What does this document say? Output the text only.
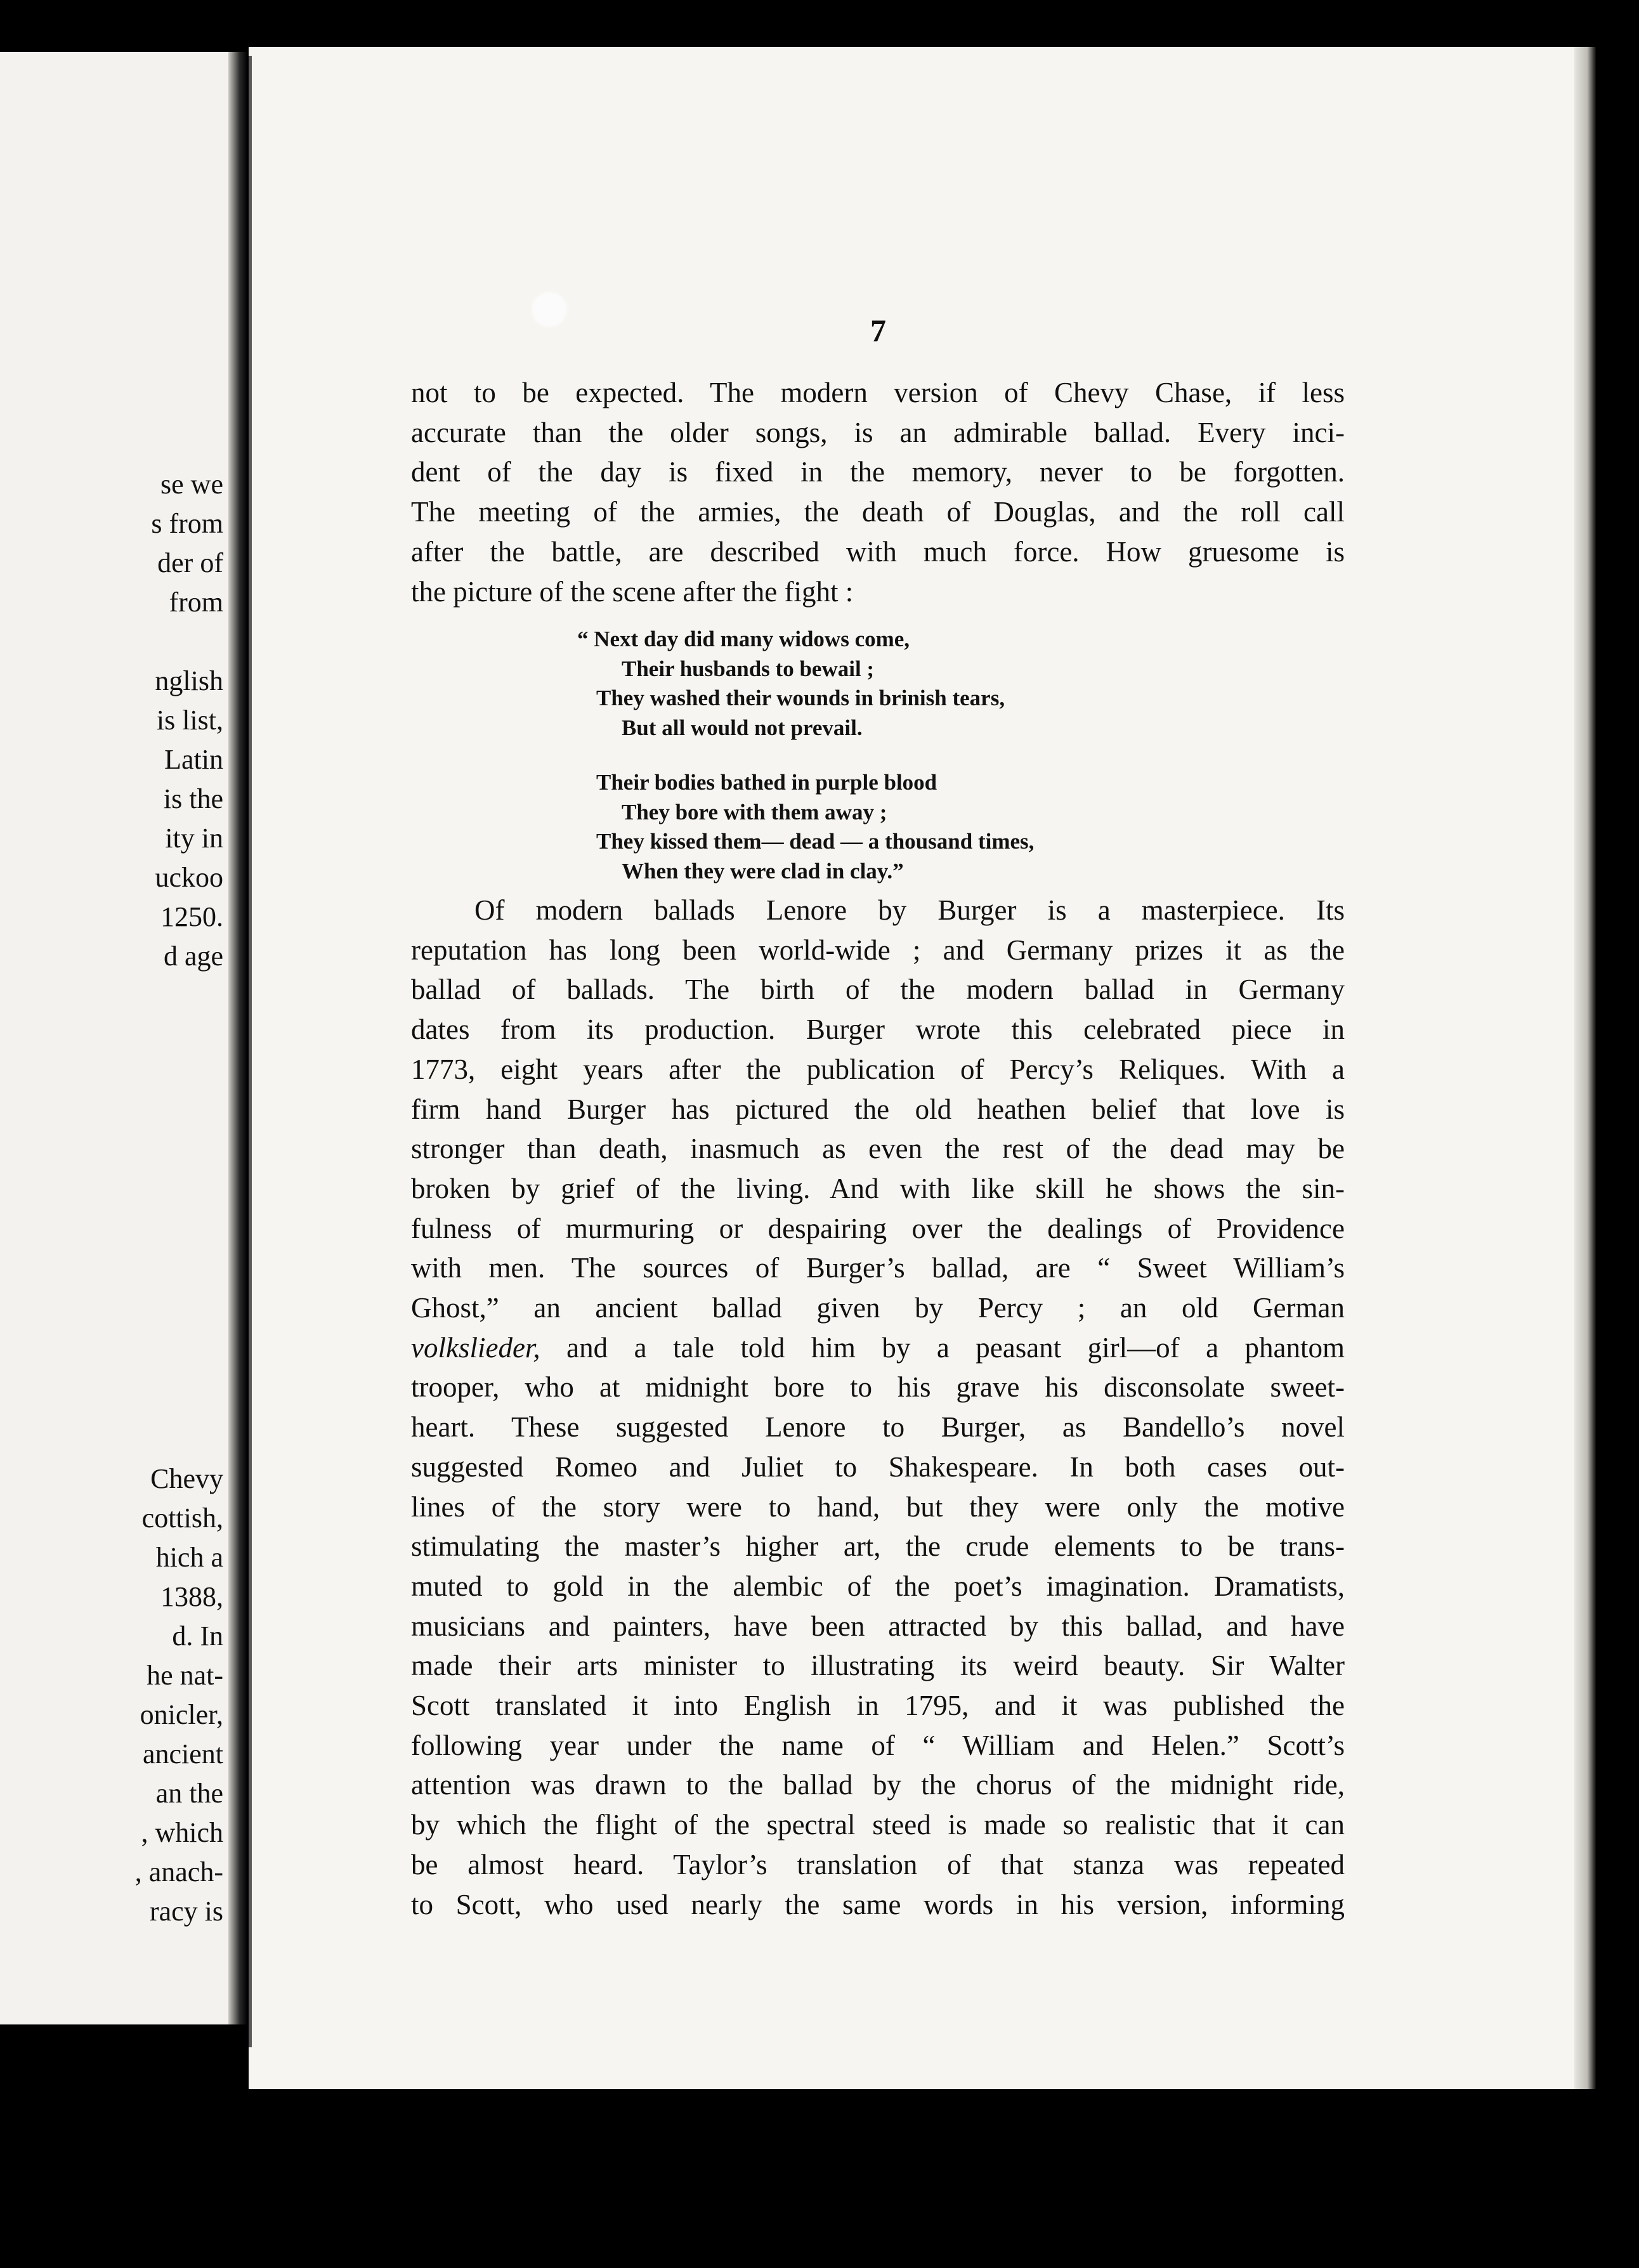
se we
s from
der of
from
nglish
is list,
Latin
is the
ity in
uckoo
1250.
d age
Chevy
cottish,
hich a
1388,
d. In
he nat-
onicler,
ancient
an the
, which
, anach-
racy is
7
not to be expected. The modern version of Chevy Chase, if less
accurate than the older songs, is an admirable ballad. Every inci-
dent of the day is fixed in the memory, never to be forgotten.
The meeting of the armies, the death of Douglas, and the roll call
after the battle, are described with much force. How gruesome is
the picture of the scene after the fight :
“ Next day did many widows come,
Their husbands to bewail ;
They washed their wounds in brinish tears,
But all would not prevail.
Their bodies bathed in purple blood
They bore with them away ;
They kissed them— dead — a thousand times,
When they were clad in clay.”
Of modern ballads Lenore by Burger is a masterpiece. Its
reputation has long been world-wide ; and Germany prizes it as the
ballad of ballads. The birth of the modern ballad in Germany
dates from its production. Burger wrote this celebrated piece in
1773, eight years after the publication of Percy’s Reliques. With a
firm hand Burger has pictured the old heathen belief that love is
stronger than death, inasmuch as even the rest of the dead may be
broken by grief of the living. And with like skill he shows the sin-
fulness of murmuring or despairing over the dealings of Providence
with men. The sources of Burger’s ballad, are “ Sweet William’s
Ghost,” an ancient ballad given by Percy ; an old German
volkslieder, and a tale told him by a peasant girl—of a phantom
trooper, who at midnight bore to his grave his disconsolate sweet-
heart. These suggested Lenore to Burger, as Bandello’s novel
suggested Romeo and Juliet to Shakespeare. In both cases out-
lines of the story were to hand, but they were only the motive
stimulating the master’s higher art, the crude elements to be trans-
muted to gold in the alembic of the poet’s imagination. Dramatists,
musicians and painters, have been attracted by this ballad, and have
made their arts minister to illustrating its weird beauty. Sir Walter
Scott translated it into English in 1795, and it was published the
following year under the name of “ William and Helen.” Scott’s
attention was drawn to the ballad by the chorus of the midnight ride,
by which the flight of the spectral steed is made so realistic that it can
be almost heard. Taylor’s translation of that stanza was repeated
to Scott, who used nearly the same words in his version, informing
